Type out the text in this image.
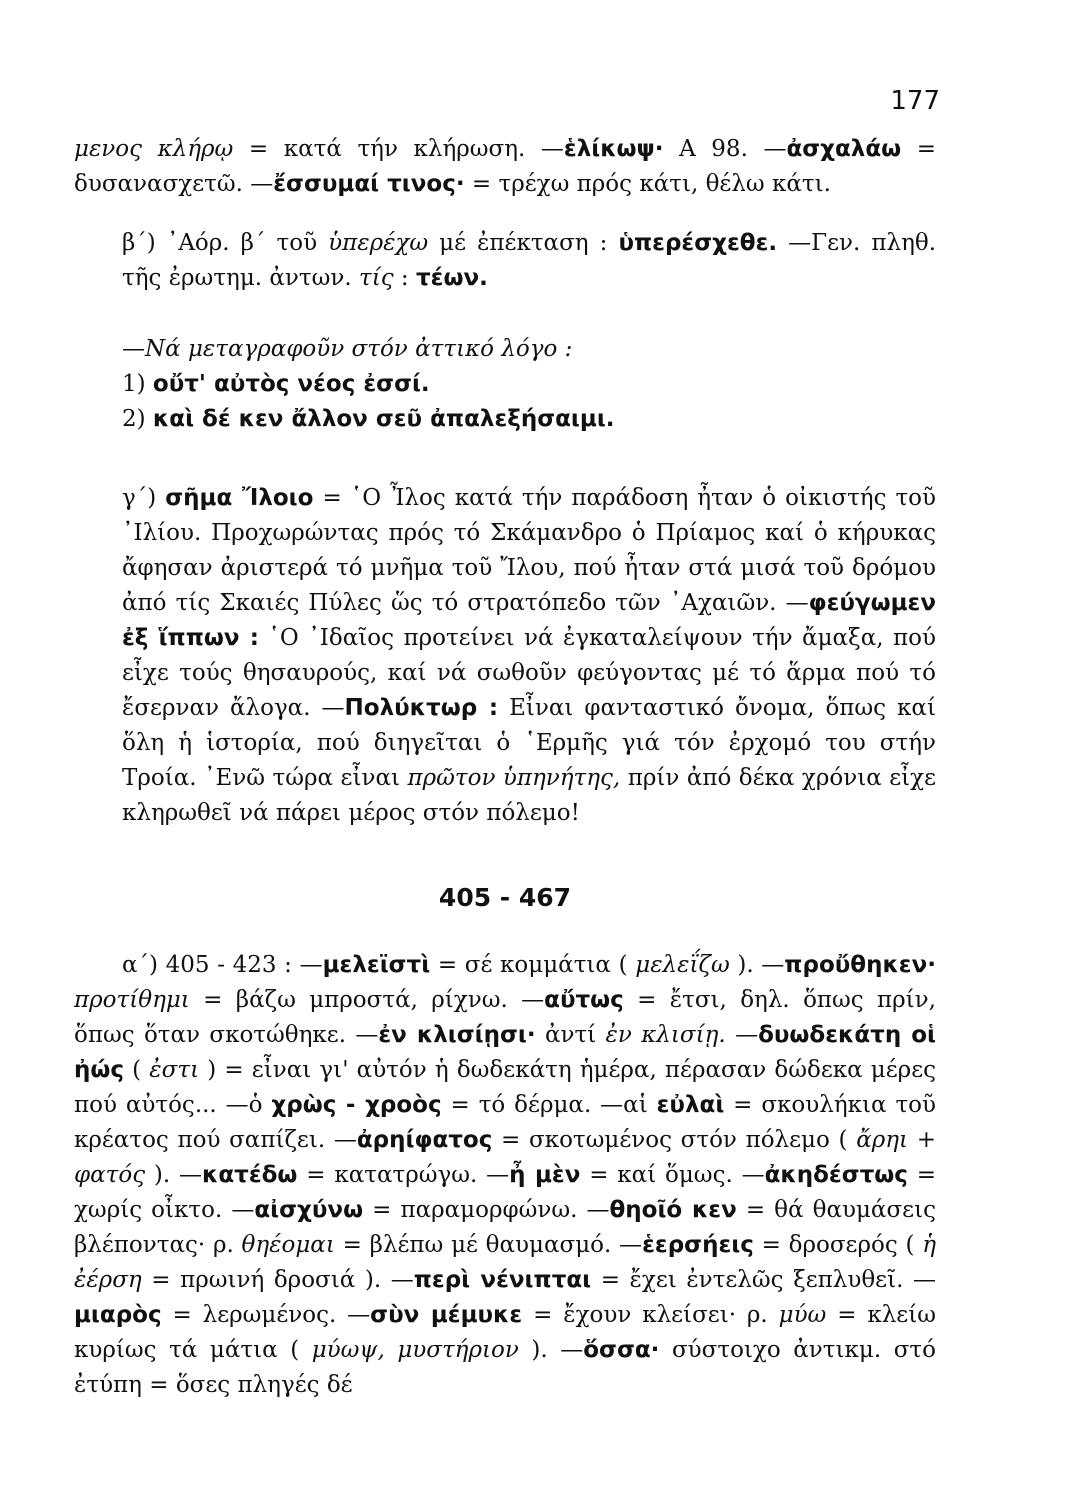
177

μενος κλήρῳ = κατά τήν κλήρωση. —ἑλίκωψ· Α 98. —ἀσχαλάω = δυσανασχετῶ. —ἔσσυμαί τινος· = τρέχω πρός κάτι, θέλω κάτι.

β΄) ᾿Αόρ. β΄ τοῦ ὑπερέχω μέ ἐπέκταση : ὑπερέσχεθε. —Γεν. πληθ. τῆς ἐρωτημ. ἀντων. τίς : τέων.

—Νά μεταγραφοῦν στόν ἀττικό λόγο :

1) οὔτ' αὐτὸς νέος ἐσσί.

2) καὶ δέ κεν ἄλλον σεῦ ἀπαλεξήσαιμι.

γ΄) σῆμα Ἴλοιο = ῾Ο Ἶλος κατά τήν παράδοση ἦταν ὁ οἰκιστής τοῦ ᾿Ιλίου. Προχωρώντας πρός τό Σκάμανδρο ὁ Πρίαμος καί ὁ κήρυκας ἄφησαν ἀριστερά τό μνῆμα τοῦ Ἴλου, πού ἦταν στά μισά τοῦ δρόμου ἀπό τίς Σκαιές Πύλες ὥς τό στρατόπεδο τῶν ᾿Αχαιῶν. —φεύγωμεν ἐξ ἵππων : ῾Ο ᾿Ιδαῖος προτείνει νά ἐγκαταλείψουν τήν ἄμαξα, πού εἶχε τούς θησαυρούς, καί νά σωθοῦν φεύγοντας μέ τό ἅρμα πού τό ἔσερναν ἄλογα. —Πολύκτωρ : Εἶναι φανταστικό ὄνομα, ὅπως καί ὅλη ἡ ἱστορία, πού διηγεῖται ὁ ῾Ερμῆς γιά τόν ἐρχομό του στήν Τροία. ᾿Ενῶ τώρα εἶναι πρῶτον ὑπηνήτης, πρίν ἀπό δέκα χρόνια εἶχε κληρωθεῖ νά πάρει μέρος στόν πόλεμο!

405 - 467

α΄) 405 - 423 : —μελεϊστὶ = σέ κομμάτια ( μελεΐζω ). —προὔθηκεν· προτίθημι = βάζω μπροστά, ρίχνω. —αὔτως = ἔτσι, δηλ. ὅπως πρίν, ὅπως ὅταν σκοτώθηκε. —ἐν κλισίῃσι· ἀντί ἐν κλισίῃ. —δυωδεκάτη οἱ ἠώς ( ἐστι ) = εἶναι γι' αὐτόν ἡ δωδεκάτη ἡμέρα, πέρασαν δώδεκα μέρες πού αὐτός... —ὁ χρὼς - χροὸς = τό δέρμα. —αἱ εὐλαὶ = σκουλήκια τοῦ κρέατος πού σαπίζει. —ἀρηίφατος = σκοτωμένος στόν πόλεμο ( ἄρηι + φατός ). —κατέδω = κατατρώγω. —ἦ μὲν = καί ὅμως. —ἀκηδέστως = χωρίς οἶκτο. —αἰσχύνω = παραμορφώνω. —θηοῖό κεν = θά θαυμάσεις βλέποντας· ρ. θηέομαι = βλέπω μέ θαυμασμό. —ἑερσήεις = δροσερός ( ἡ ἐέρση = πρωινή δροσιά ). —περὶ νένιπται = ἔχει ἐντελῶς ξεπλυθεῖ. —μιαρὸς = λερωμένος. —σὺν μέμυκε = ἔχουν κλείσει· ρ. μύω = κλείω κυρίως τά μάτια ( μύωψ, μυστήριον ). —ὅσσα· σύστοιχο ἀντικμ. στό ἐτύπη = ὅσες πληγές δέ
